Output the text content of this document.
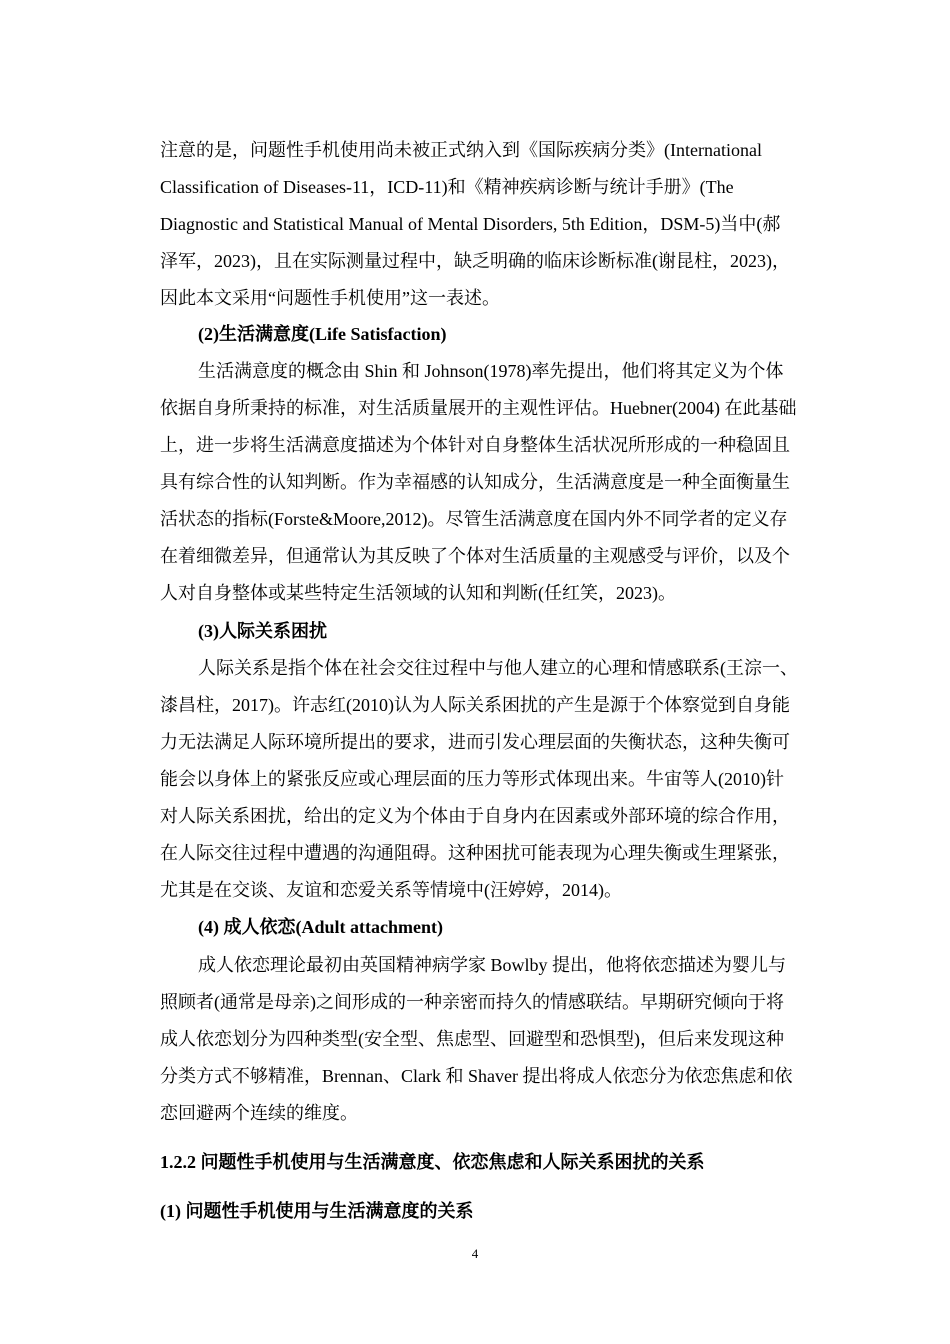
注意的是，问题性手机使用尚未被正式纳入到《国际疾病分类》(International
Classification of Diseases-11，ICD-11)和《精神疾病诊断与统计手册》(The
Diagnostic and Statistical Manual of Mental Disorders, 5th Edition，DSM-5)当中(郝
泽军，2023)，且在实际测量过程中，缺乏明确的临床诊断标准(谢昆柱，2023)，
因此本文采用“问题性手机使用”这一表述。
(2)生活满意度(Life Satisfaction)
生活满意度的概念由 Shin 和 Johnson(1978)率先提出，他们将其定义为个体
依据自身所秉持的标准，对生活质量展开的主观性评估。Huebner(2004) 在此基础
上，进一步将生活满意度描述为个体针对自身整体生活状况所形成的一种稳固且
具有综合性的认知判断。作为幸福感的认知成分，生活满意度是一种全面衡量生
活状态的指标(Forste&Moore,2012)。尽管生活满意度在国内外不同学者的定义存
在着细微差异，但通常认为其反映了个体对生活质量的主观感受与评价，以及个
人对自身整体或某些特定生活领域的认知和判断(任红笑，2023)。
(3)人际关系困扰
人际关系是指个体在社会交往过程中与他人建立的心理和情感联系(王淙一、
漆昌柱，2017)。许志红(2010)认为人际关系困扰的产生是源于个体察觉到自身能
力无法满足人际环境所提出的要求，进而引发心理层面的失衡状态，这种失衡可
能会以身体上的紧张反应或心理层面的压力等形式体现出来。牛宙等人(2010)针
对人际关系困扰，给出的定义为个体由于自身内在因素或外部环境的综合作用，
在人际交往过程中遭遇的沟通阻碍。这种困扰可能表现为心理失衡或生理紧张，
尤其是在交谈、友谊和恋爱关系等情境中(汪婷婷，2014)。
(4) 成人依恋(Adult attachment)
成人依恋理论最初由英国精神病学家 Bowlby 提出，他将依恋描述为婴儿与
照顾者(通常是母亲)之间形成的一种亲密而持久的情感联结。早期研究倾向于将
成人依恋划分为四种类型(安全型、焦虑型、回避型和恐惧型)，但后来发现这种
分类方式不够精准，Brennan、Clark 和 Shaver 提出将成人依恋分为依恋焦虑和依
恋回避两个连续的维度。
1.2.2 问题性手机使用与生活满意度、依恋焦虑和人际关系困扰的关系
(1) 问题性手机使用与生活满意度的关系
4
